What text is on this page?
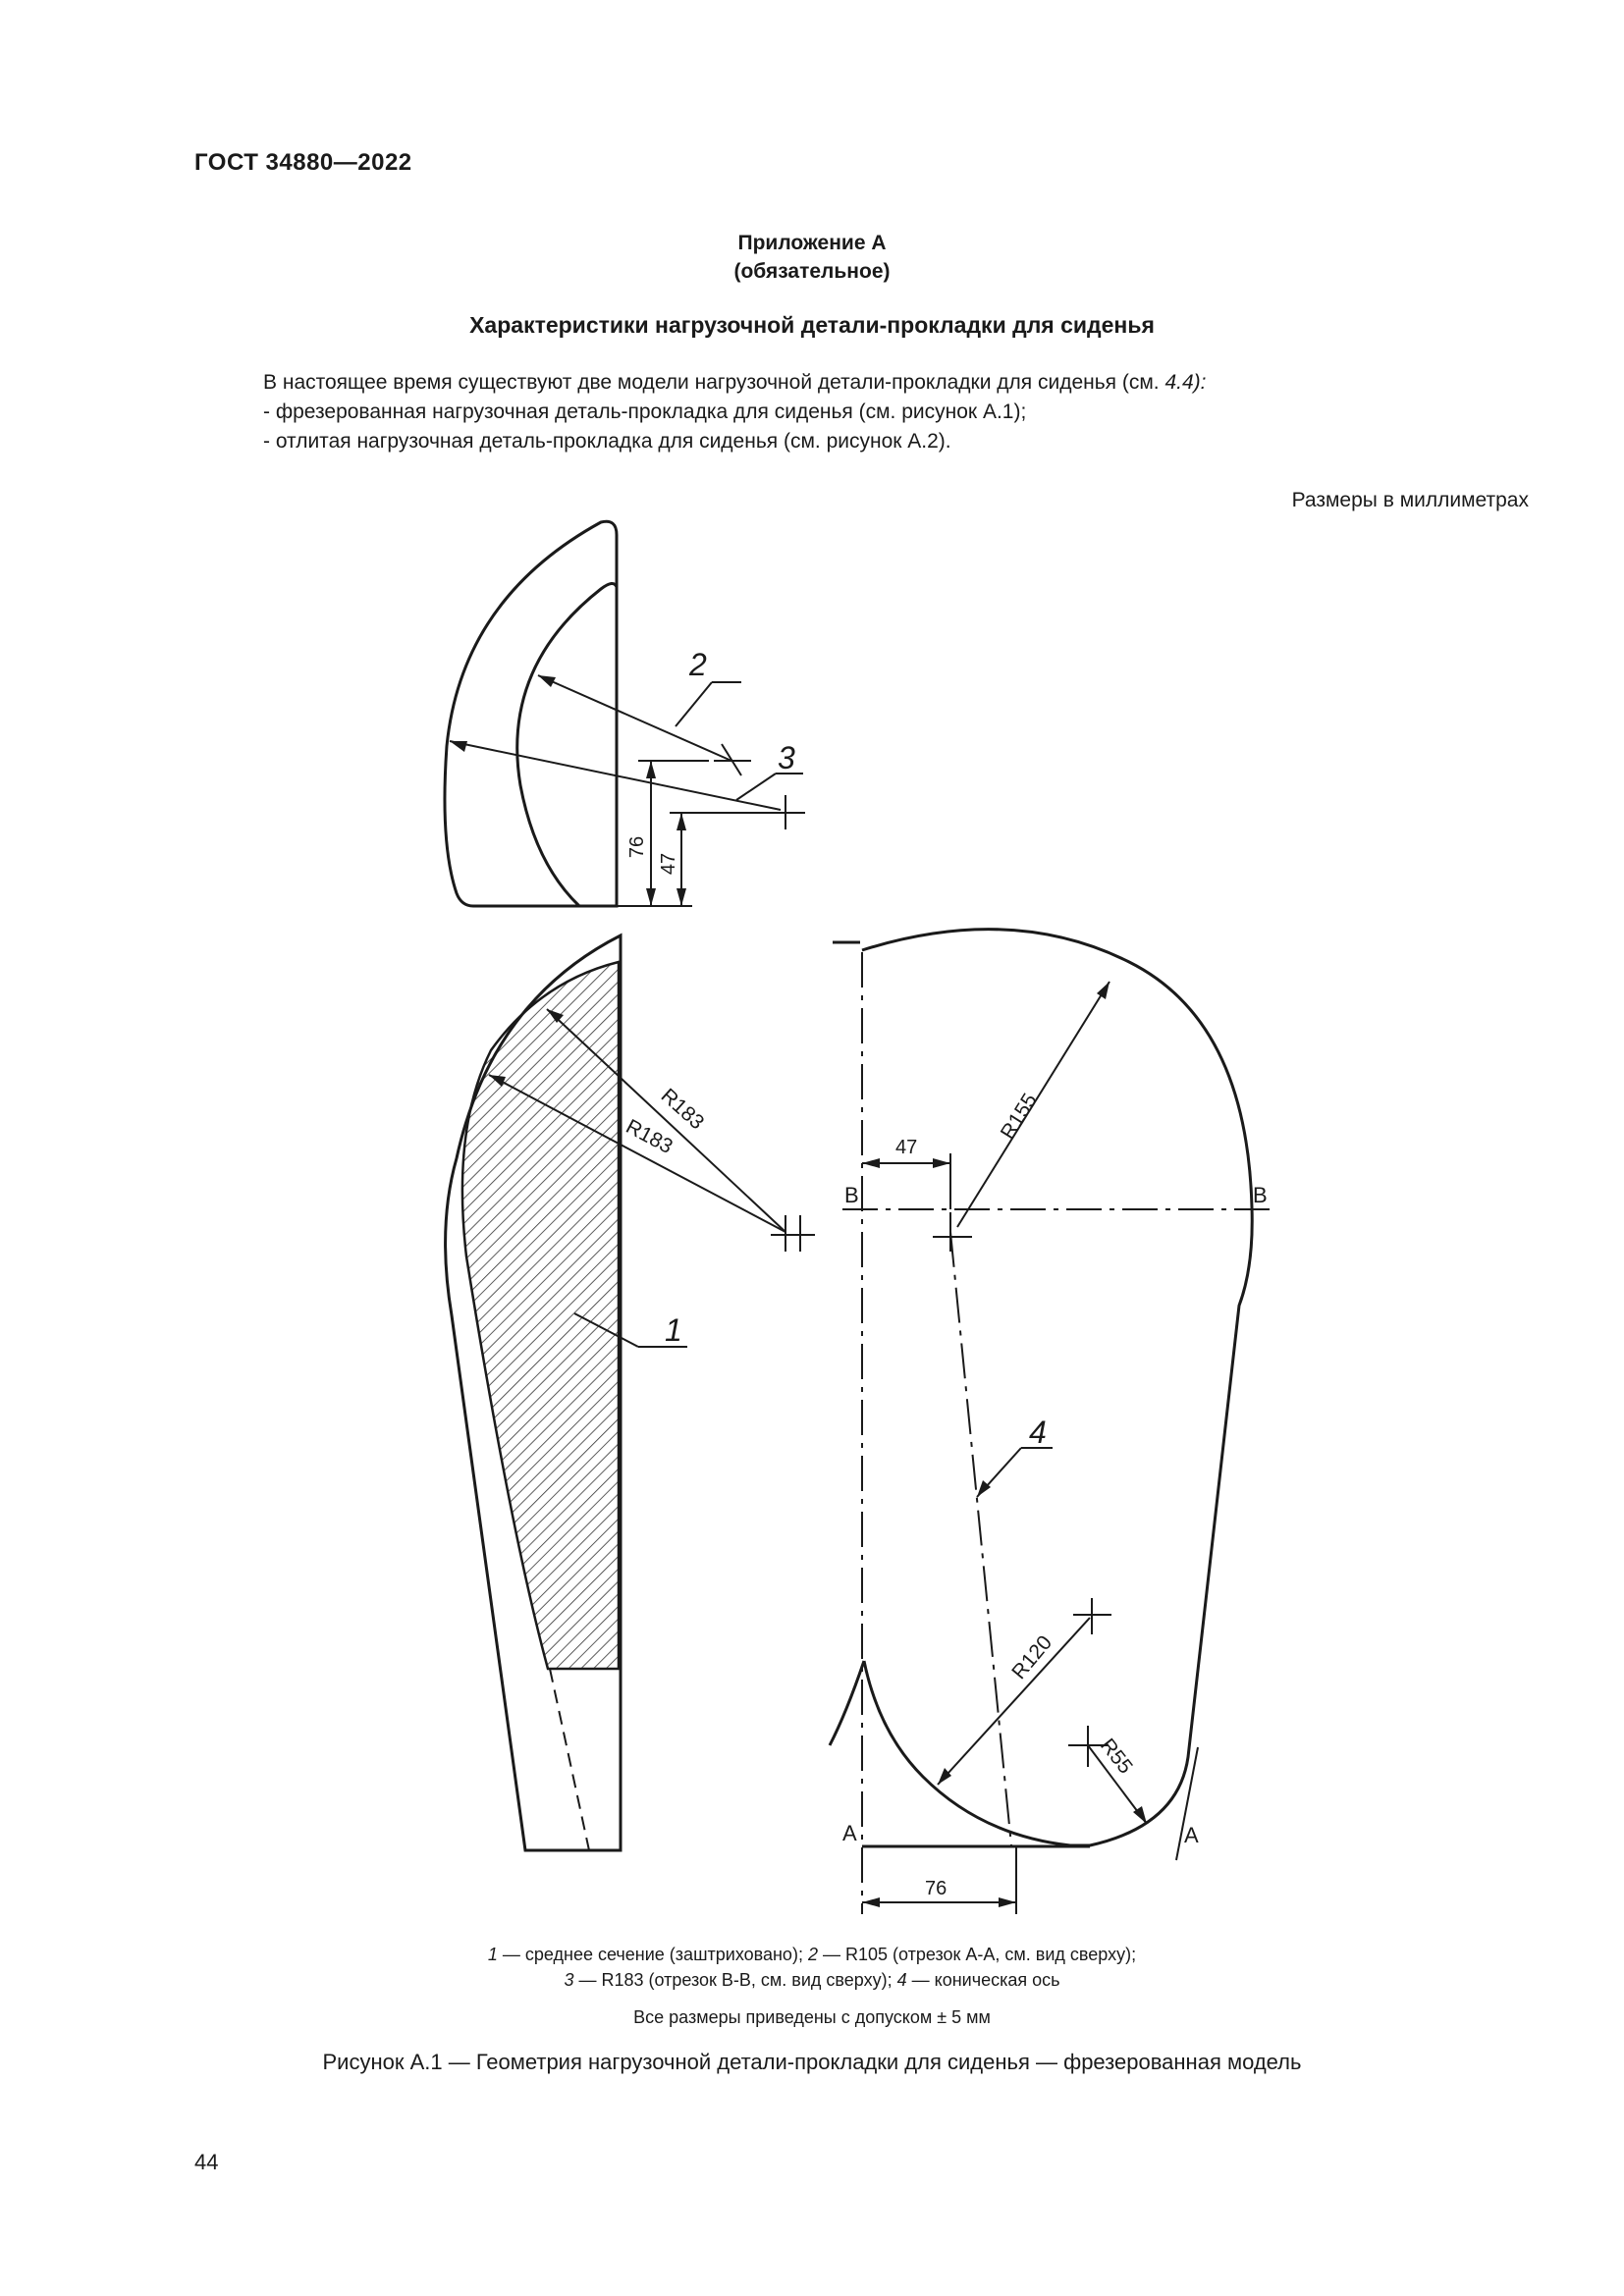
ГОСТ 34880—2022
Приложение А
(обязательное)
Характеристики нагрузочной детали-прокладки для сиденья
В настоящее время существуют две модели нагрузочной детали-прокладки для сиденья (см. 4.4):
- фрезерованная нагрузочная деталь-прокладка для сиденья (см. рисунок А.1);
- отлитая нагрузочная деталь-прокладка для сиденья (см. рисунок А.2).
Размеры в миллиметрах
2
3
76
47
R183
R183
1
R155
47
B	B
4
R120
R55
A	A
76
1 — среднее сечение (заштриховано); 2 — R105 (отрезок А-А, см. вид сверху);
3 — R183 (отрезок В-В, см. вид сверху); 4 — коническая ось
Все размеры приведены с допуском ± 5 мм
Рисунок А.1 — Геометрия нагрузочной детали-прокладки для сиденья — фрезерованная модель
44
